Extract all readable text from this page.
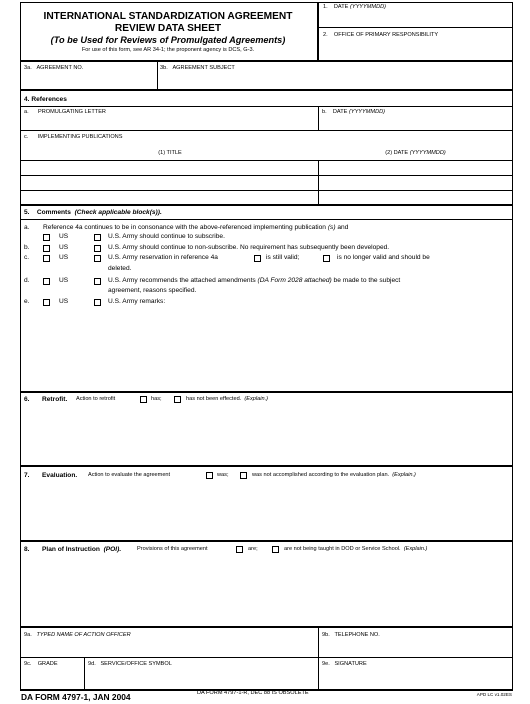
INTERNATIONAL STANDARDIZATION AGREEMENT
REVIEW DATA SHEET
(To be Used for Reviews of Promulgated Agreements)
For use of this form, see AR 34-1; the proponent agency is DCS, G-3.
1. DATE (YYYYMMDD)
2. OFFICE OF PRIMARY RESPONSIBILITY
3a. AGREEMENT NO.	3b. AGREEMENT SUBJECT
4. References
a. PROMULGATING LETTER	b. DATE (YYYYMMDD)
c. IMPLEMENTING PUBLICATIONS
(1) TITLE	(2) DATE (YYYYMMDD)
5. Comments (Check applicable block(s)).
a. Reference 4a continues to be in consonance with the above-referenced implementing publication (s) and
US	U.S. Army should continue to subscribe.
b.	US	U.S. Army should continue to non-subscribe. No requirement has subsequently been developed.
c.	US	U.S. Army reservation in reference 4a	is still valid;	is no longer valid and should be
deleted.
d.	US	U.S. Army recommends the attached amendments (DA Form 2028 attached) be made to the subject
agreement, reasons specified.
e.	US	U.S. Army remarks:
6. Retrofit. Action to retrofit	has;	has not been effected. (Explain.)
7. Evaluation. Action to evaluate the agreement	was;	was not accomplished according to the evaluation plan. (Explain.)
8. Plan of Instruction (POI).	Provisions of this agreement	are;	are not being taught in DOD or Service School. (Explain.)
9a. TYPED NAME OF ACTION OFFICER	9b. TELEPHONE NO.
9c. GRADE	9d. SERVICE/OFFICE SYMBOL	9e. SIGNATURE
DA FORM 4797-1, JAN 2004	DA FORM 4797-1-R, DEC 88 IS OBSOLETE	APD LC v1.02ES
